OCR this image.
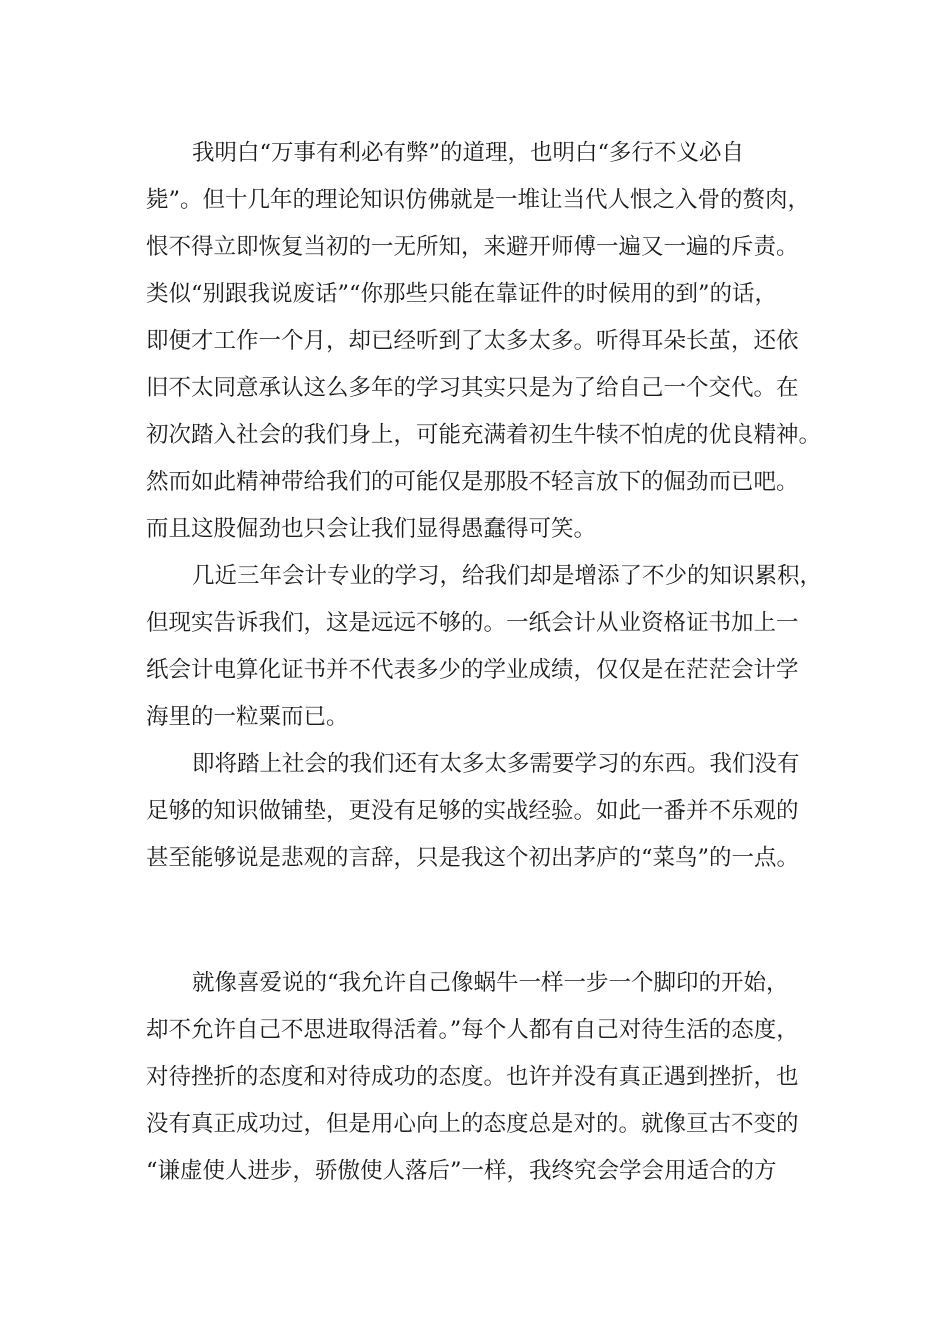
我明白“万事有利必有弊”的道理，也明白“多行不义必自
毙”。但十几年的理论知识仿佛就是一堆让当代人恨之入骨的赘肉，
恨不得立即恢复当初的一无所知，来避开师傅一遍又一遍的斥责。
类似“别跟我说废话”“你那些只能在靠证件的时候用的到”的话，
即便才工作一个月，却已经听到了太多太多。听得耳朵长茧，还依
旧不太同意承认这么多年的学习其实只是为了给自己一个交代。在
初次踏入社会的我们身上，可能充满着初生牛犊不怕虎的优良精神。
然而如此精神带给我们的可能仅是那股不轻言放下的倔劲而已吧。
而且这股倔劲也只会让我们显得愚蠢得可笑。
几近三年会计专业的学习，给我们却是增添了不少的知识累积，
但现实告诉我们，这是远远不够的。一纸会计从业资格证书加上一
纸会计电算化证书并不代表多少的学业成绩，仅仅是在茫茫会计学
海里的一粒粟而已。
即将踏上社会的我们还有太多太多需要学习的东西。我们没有
足够的知识做铺垫，更没有足够的实战经验。如此一番并不乐观的
甚至能够说是悲观的言辞，只是我这个初出茅庐的“菜鸟”的一点。
就像喜爱说的“我允许自己像蜗牛一样一步一个脚印的开始，
却不允许自己不思进取得活着。”每个人都有自己对待生活的态度，
对待挫折的态度和对待成功的态度。也许并没有真正遇到挫折，也
没有真正成功过，但是用心向上的态度总是对的。就像亘古不变的
“谦虚使人进步，骄傲使人落后”一样，我终究会学会用适合的方
